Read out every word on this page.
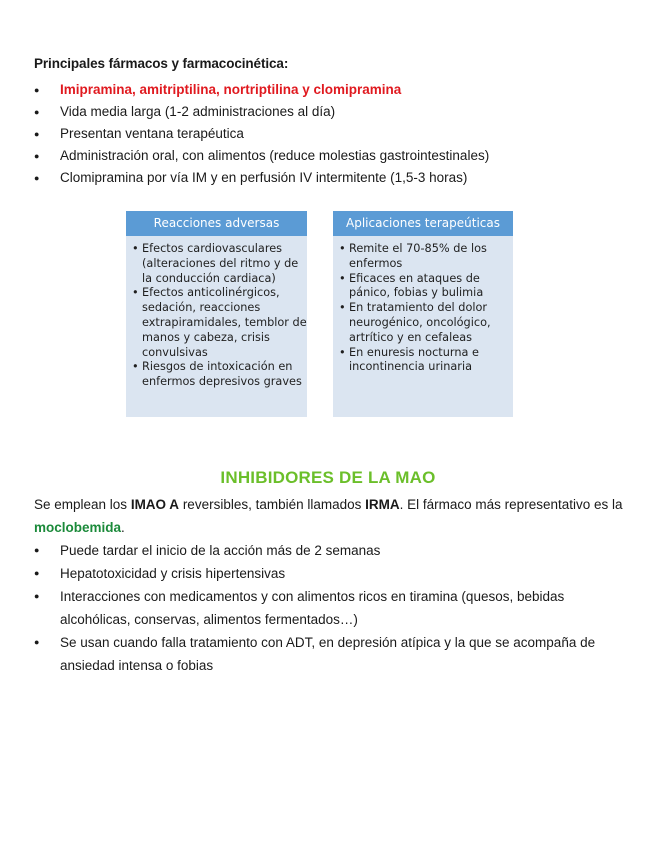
Principales fármacos y farmacocinética:
● Imipramina, amitriptilina, nortriptilina y clomipramina
● Vida media larga (1-2 administraciones al día)
● Presentan ventana terapéutica
● Administración oral, con alimentos (reduce molestias gastrointestinales)
● Clomipramina por vía IM y en perfusión IV intermitente (1,5-3 horas)
Reacciones adversas
• Efectos cardiovasculares (alteraciones del ritmo y de la conducción cardiaca)
• Efectos anticolinérgicos, sedación, reacciones extrapiramidales, temblor de manos y cabeza, crisis convulsivas
• Riesgos de intoxicación en enfermos depresivos graves
Aplicaciones terapeúticas
• Remite el 70-85% de los enfermos
• Eficaces en ataques de pánico, fobias y bulimia
• En tratamiento del dolor neurogénico, oncológico, artrítico y en cefaleas
• En enuresis nocturna e incontinencia urinaria
INHIBIDORES DE LA MAO
Se emplean los IMAO A reversibles, también llamados IRMA. El fármaco más representativo es la moclobemida.
● Puede tardar el inicio de la acción más de 2 semanas
● Hepatotoxicidad y crisis hipertensivas
● Interacciones con medicamentos y con alimentos ricos en tiramina (quesos, bebidas alcohólicas, conservas, alimentos fermentados…)
● Se usan cuando falla tratamiento con ADT, en depresión atípica y la que se acompaña de ansiedad intensa o fobias
